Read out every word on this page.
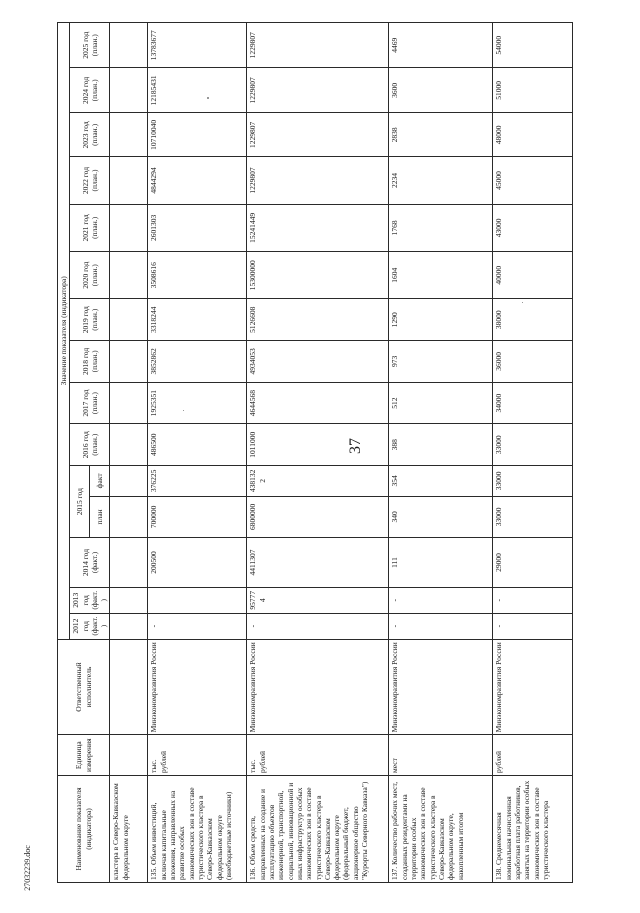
37
27032239.doc	Наименование показателя (индикатора)	Единица измерения	Ответственный исполнитель	Значение показателя (индикатора)														
			2012 год (факт.)	2013 год (факт.)	2014 год (факт.)	2015 год		2016 год (план.)	2017 год (план.)	2018 год (план.)	2019 год (план.)	2020 год (план.)	2021 год (план.)	2022 год (план.)	2023 год (план.)	2024 год (план.)	2025 год (план.)
						план	факт										
кластера в Северо-Кавказском федеральном округе																	
135. Объем инвестиций, включая капитальные вложения, направленных на развитие особых экономических зон в составе туристического кластера в Северо-Кавказском федеральном округе (внебюджетные источники)	тыс. рублей	Минэкономразвития России	-		200500	700000	376225	486500	1925351	3852862	3318244	3508616	2601303	4844294	10710040	12185431	13783677
136. Объем средств, направленных на создание и эксплуатацию объектов инженерной, транспортной, социальной, инновационной и иных инфраструктур особых экономических зон в составе туристического кластера в Северо-Кавказском федеральном округе (федеральный бюджет, акционерное общество "Курорты Северного Кавказа")	тыс. рублей	Минэкономразвития России	-	957774	4411307	6800000	4381322	1011000	4644568	4934053	5126608	15300000	15241449	1229807	1229807	1229807	1229807
137. Количество рабочих мест, созданных резидентами на территории особых экономических зон в составе туристического кластера в Северо-Кавказском федеральном округе, накопленным итогом	мест	Минэкономразвития России	-	-	111	340	354	388	512	973	1290	1604	1768	2234	2838	3600	4469
138. Среднемесячная номинальная начисленная заработная плата работников, занятых на территории особых экономических зон в составе туристического кластера	рублей	Минэкономразвития России	-	-	29000	33000	33000	33000	34000	36000	38000	40000	43000	45000	48000	51000	54000
